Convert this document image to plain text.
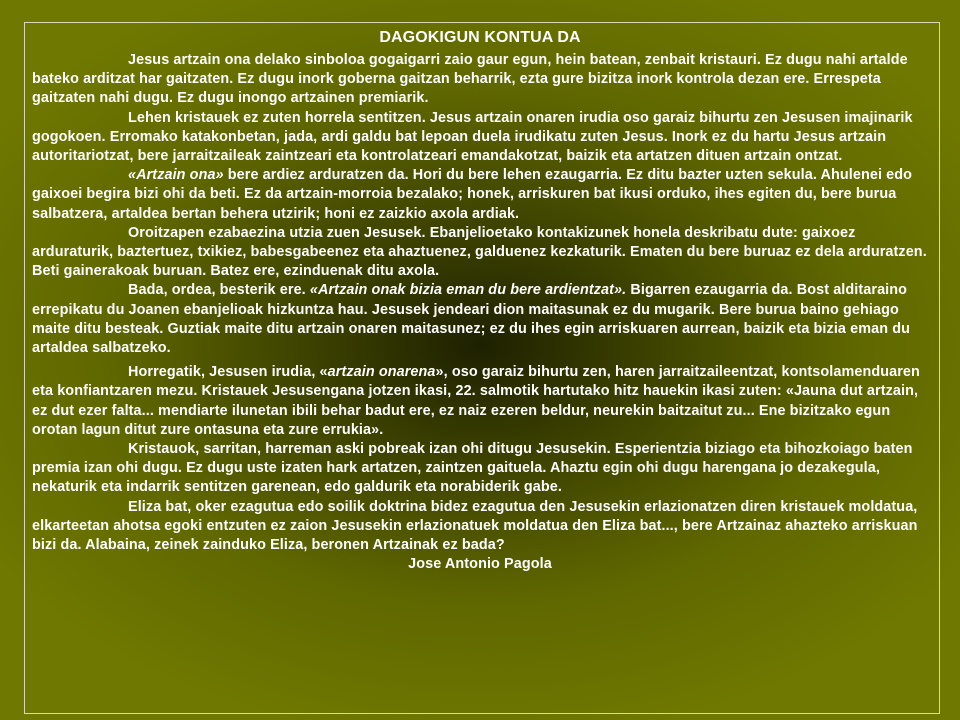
DAGOKIGUN KONTUA DA

Jesus artzain ona delako sinboloa gogaigarri zaio gaur egun, hein batean, zenbait kristauri. Ez dugu nahi artalde bateko arditzat har gaitzaten. Ez dugu inork goberna gaitzan beharrik, ezta gure bizitza inork kontrola dezan ere. Errespeta gaitzaten nahi dugu. Ez dugu inongo artzainen premiarik.

Lehen kristauek ez zuten horrela sentitzen. Jesus artzain onaren irudia oso garaiz bihurtu zen Jesusen imajinarik gogokoen. Erromako katakonbetan, jada, ardi galdu bat lepoan duela irudikatu zuten Jesus. Inork ez du hartu Jesus artzain autoritariotzat, bere jarraitzaileak zaintzeari eta kontrolatzeari emandakotzat, baizik eta artatzen dituen artzain ontzat.

«Artzain ona» bere ardiez arduratzen da. Hori du bere lehen ezaugarria. Ez ditu bazter uzten sekula. Ahulenei edo gaixoei begira bizi ohi da beti. Ez da artzain-morroia bezalako; honek, arriskuren bat ikusi orduko, ihes egiten du, bere burua salbatzera, artaldea bertan behera utzirik; honi ez zaizkio axola ardiak.

Oroitzapen ezabaezina utzia zuen Jesusek. Ebanjelioetako kontakizunek honela deskribatu dute: gaixoez arduraturik, baztertuez, txikiez, babesgabeenez eta ahaztuenez, galduenez kezkaturik. Ematen du bere buruaz ez dela arduratzen. Beti gainerakoak buruan. Batez ere, ezinduenak ditu axola.

Bada, ordea, besterik ere. «Artzain onak bizia eman du bere ardientzat». Bigarren ezaugarria da. Bost alditaraino errepikatu du Joanen ebanjelioak hizkuntza hau. Jesusek jendeari dion maitasunak ez du mugarik. Bere burua baino gehiago maite ditu besteak. Guztiak maite ditu artzain onaren maitasunez; ez du ihes egin arriskuaren aurrean, baizik eta bizia eman du artaldea salbatzeko.

Horregatik, Jesusen irudia, «artzain onarena», oso garaiz bihurtu zen, haren jarraitzaileentzat, kontsolamenduaren eta konfiantzaren mezu. Kristauek Jesusengana jotzen ikasi, 22. salmotik hartutako hitz hauekin ikasi zuten: «Jauna dut artzain, ez dut ezer falta... mendiarte ilunetan ibili behar badut ere, ez naiz ezeren beldur, neurekin baitzaitut zu... Ene bizitzako egun orotan lagun ditut zure ontasuna eta zure errukia».

Kristauok, sarritan, harreman aski pobreak izan ohi ditugu Jesusekin. Esperientzia biziago eta bihozkoiago baten premia izan ohi dugu. Ez dugu uste izaten hark artatzen, zaintzen gaituela. Ahaztu egin ohi dugu harengana jo dezakegula, nekaturik eta indarrik sentitzen garenean, edo galdurik eta norabiderik gabe.

Eliza bat, oker ezagutua edo soilik doktrina bidez ezagutua den Jesusekin erlazionatzen diren kristauek moldatua, elkarteetan ahotsa egoki entzuten ez zaion Jesusekin erlazionatuek moldatua den Eliza bat..., bere Artzainaz ahazteko arriskuan bizi da. Alabaina, zeinek zainduko Eliza, beronen Artzainak ez bada?

Jose Antonio Pagola
